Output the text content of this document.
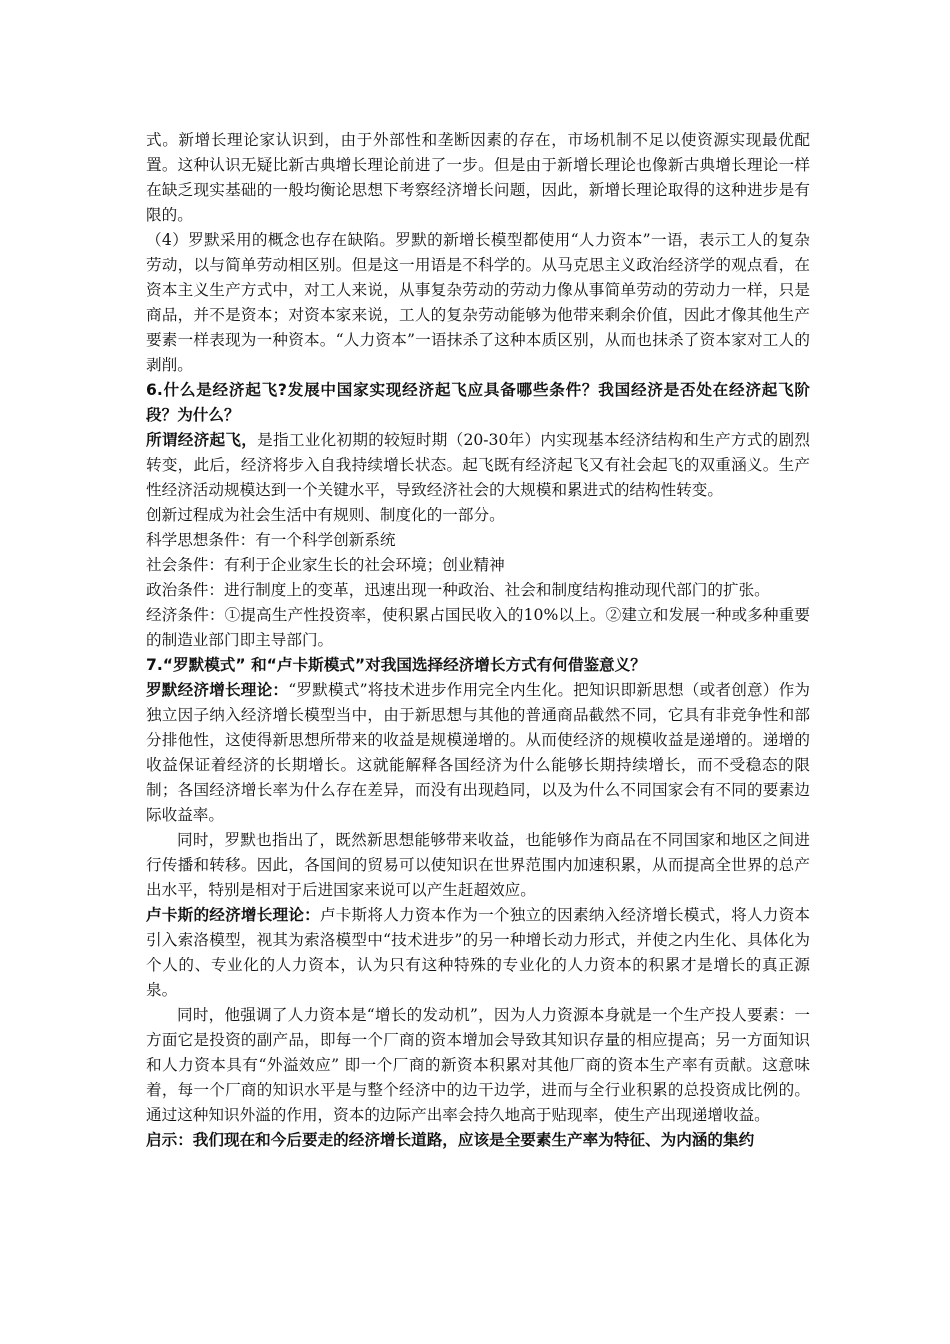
式。新增长理论家认识到，由于外部性和垄断因素的存在，市场机制不足以使资源实现最优配置。这种认识无疑比新古典增长理论前进了一步。但是由于新增长理论也像新古典增长理论一样在缺乏现实基础的一般均衡论思想下考察经济增长问题，因此，新增长理论取得的这种进步是有限的。

（4）罗默采用的概念也存在缺陷。罗默的新增长模型都使用“人力资本”一语，表示工人的复杂劳动，以与简单劳动相区别。但是这一用语是不科学的。从马克思主义政治经济学的观点看，在资本主义生产方式中，对工人来说，从事复杂劳动的劳动力像从事简单劳动的劳动力一样，只是商品，并不是资本；对资本家来说，工人的复杂劳动能够为他带来剩余价值，因此才像其他生产要素一样表现为一种资本。“人力资本”一语抹杀了这种本质区别，从而也抹杀了资本家对工人的剥削。

6.什么是经济起飞?发展中国家实现经济起飞应具备哪些条件？我国经济是否处在经济起飞阶段？为什么？

所谓经济起飞，是指工业化初期的较短时期（20-30年）内实现基本经济结构和生产方式的剧烈转变，此后，经济将步入自我持续增长状态。起飞既有经济起飞又有社会起飞的双重涵义。生产性经济活动规模达到一个关键水平，导致经济社会的大规模和累进式的结构性转变。

创新过程成为社会生活中有规则、制度化的一部分。

科学思想条件：有一个科学创新系统

社会条件：有利于企业家生长的社会环境；创业精神

政治条件：进行制度上的变革，迅速出现一种政治、社会和制度结构推动现代部门的扩张。

经济条件：①提高生产性投资率，使积累占国民收入的10%以上。②建立和发展一种或多种重要的制造业部门即主导部门。

7.“罗默模式” 和“卢卡斯模式”对我国选择经济增长方式有何借鉴意义？

罗默经济增长理论：“罗默模式”将技术进步作用完全内生化。把知识即新思想（或者创意）作为独立因子纳入经济增长模型当中，由于新思想与其他的普通商品截然不同，它具有非竞争性和部分排他性，这使得新思想所带来的收益是规模递增的。从而使经济的规模收益是递增的。递增的收益保证着经济的长期增长。这就能解释各国经济为什么能够长期持续增长，而不受稳态的限制；各国经济增长率为什么存在差异，而没有出现趋同，以及为什么不同国家会有不同的要素边际收益率。

同时，罗默也指出了，既然新思想能够带来收益，也能够作为商品在不同国家和地区之间进行传播和转移。因此，各国间的贸易可以使知识在世界范围内加速积累，从而提高全世界的总产出水平，特别是相对于后进国家来说可以产生赶超效应。

卢卡斯的经济增长理论：卢卡斯将人力资本作为一个独立的因素纳入经济增长模式，将人力资本引入索洛模型，视其为索洛模型中“技术进步”的另一种增长动力形式，并使之内生化、具体化为个人的、专业化的人力资本，认为只有这种特殊的专业化的人力资本的积累才是增长的真正源泉。

同时，他强调了人力资本是“增长的发动机”，因为人力资源本身就是一个生产投人要素：一方面它是投资的副产品，即每一个厂商的资本增加会导致其知识存量的相应提高；另一方面知识和人力资本具有“外溢效应” 即一个厂商的新资本积累对其他厂商的资本生产率有贡献。这意味着，每一个厂商的知识水平是与整个经济中的边干边学，进而与全行业积累的总投资成比例的。通过这种知识外溢的作用，资本的边际产出率会持久地高于贴现率，使生产出现递增收益。

启示：我们现在和今后要走的经济增长道路，应该是全要素生产率为特征、为内涵的集约
